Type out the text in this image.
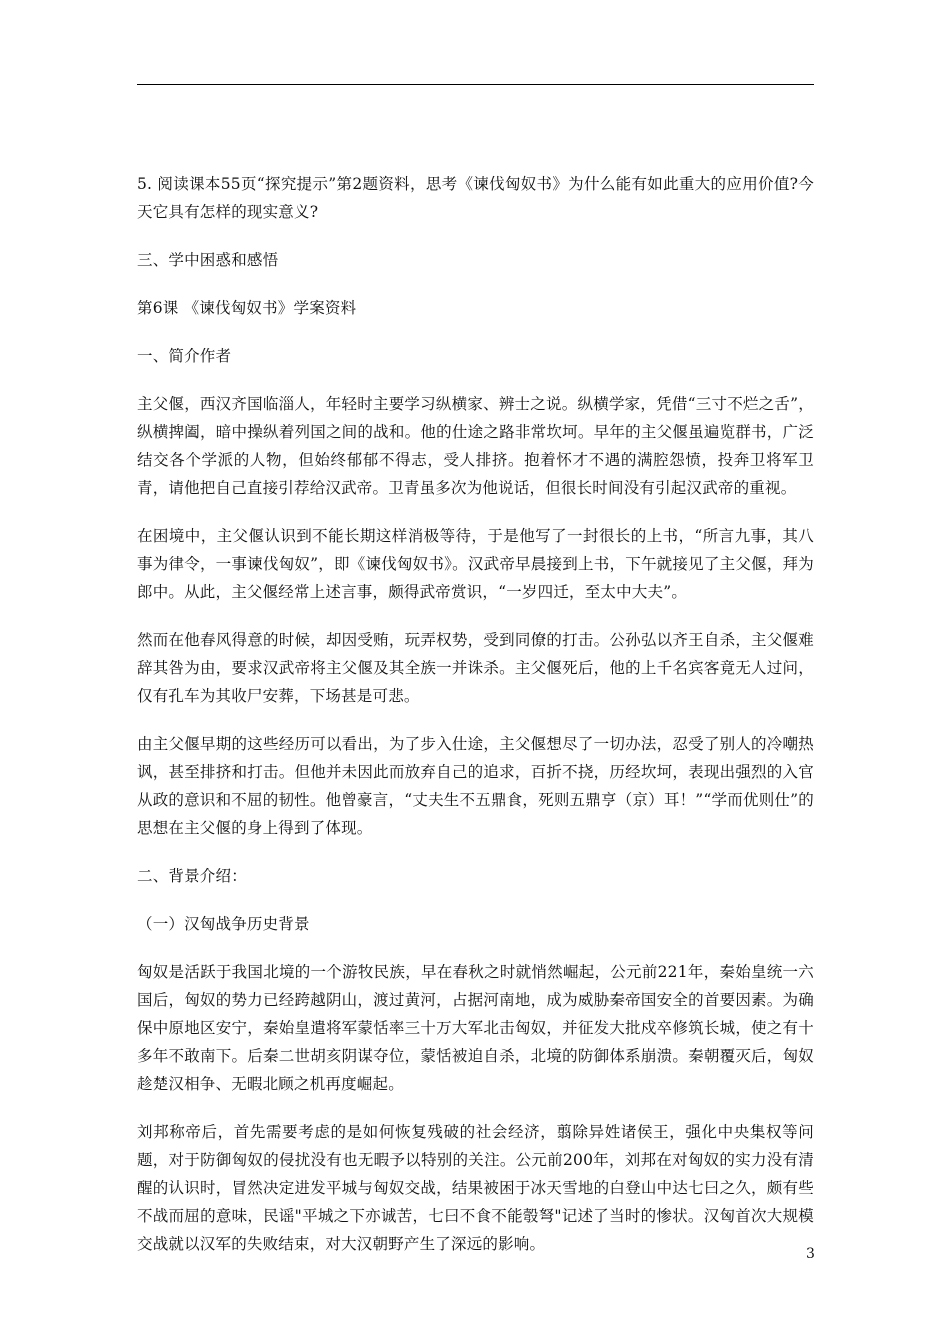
5. 阅读课本55页“探究提示”第2题资料，思考《谏伐匈奴书》为什么能有如此重大的应用价值?今天它具有怎样的现实意义?

三、学中困惑和感悟

第6课 《谏伐匈奴书》学案资料

一、简介作者

主父偃，西汉齐国临淄人，年轻时主要学习纵横家、辨士之说。纵横学家，凭借“三寸不烂之舌”，纵横捭阖，暗中操纵着列国之间的战和。他的仕途之路非常坎坷。早年的主父偃虽遍览群书，广泛结交各个学派的人物，但始终郁郁不得志，受人排挤。抱着怀才不遇的满腔怨愤，投奔卫将军卫青，请他把自己直接引荐给汉武帝。卫青虽多次为他说话，但很长时间没有引起汉武帝的重视。

在困境中，主父偃认识到不能长期这样消极等待，于是他写了一封很长的上书，“所言九事，其八事为律令，一事谏伐匈奴”，即《谏伐匈奴书》。汉武帝早晨接到上书，下午就接见了主父偃，拜为郎中。从此，主父偃经常上述言事，颇得武帝赏识，“一岁四迁，至太中大夫”。

然而在他春风得意的时候，却因受贿，玩弄权势，受到同僚的打击。公孙弘以齐王自杀，主父偃难辞其咎为由，要求汉武帝将主父偃及其全族一并诛杀。主父偃死后，他的上千名宾客竟无人过问，仅有孔车为其收尸安葬，下场甚是可悲。

由主父偃早期的这些经历可以看出，为了步入仕途，主父偃想尽了一切办法，忍受了别人的冷嘲热讽，甚至排挤和打击。但他并未因此而放弃自己的追求，百折不挠，历经坎坷，表现出强烈的入官从政的意识和不屈的韧性。他曾豪言，“丈夫生不五鼎食，死则五鼎亨（京）耳！”“学而优则仕”的思想在主父偃的身上得到了体现。

二、背景介绍：

（一）汉匈战争历史背景

匈奴是活跃于我国北境的一个游牧民族，早在春秋之时就悄然崛起，公元前221年，秦始皇统一六国后，匈奴的势力已经跨越阴山，渡过黄河，占据河南地，成为威胁秦帝国安全的首要因素。为确保中原地区安宁，秦始皇遣将军蒙恬率三十万大军北击匈奴，并征发大批戍卒修筑长城，使之有十多年不敢南下。后秦二世胡亥阴谋夺位，蒙恬被迫自杀，北境的防御体系崩溃。秦朝覆灭后，匈奴趁楚汉相争、无暇北顾之机再度崛起。

刘邦称帝后，首先需要考虑的是如何恢复残破的社会经济，翦除异姓诸侯王，强化中央集权等问题，对于防御匈奴的侵扰没有也无暇予以特别的关注。公元前200年，刘邦在对匈奴的实力没有清醒的认识时，冒然决定进发平城与匈奴交战，结果被困于冰天雪地的白登山中达七曰之久，颇有些不战而屈的意味，民谣"平城之下亦诚苦，七曰不食不能彀弩"记述了当时的惨状。汉匈首次大规模交战就以汉军的失败结束，对大汉朝野产生了深远的影响。

3
